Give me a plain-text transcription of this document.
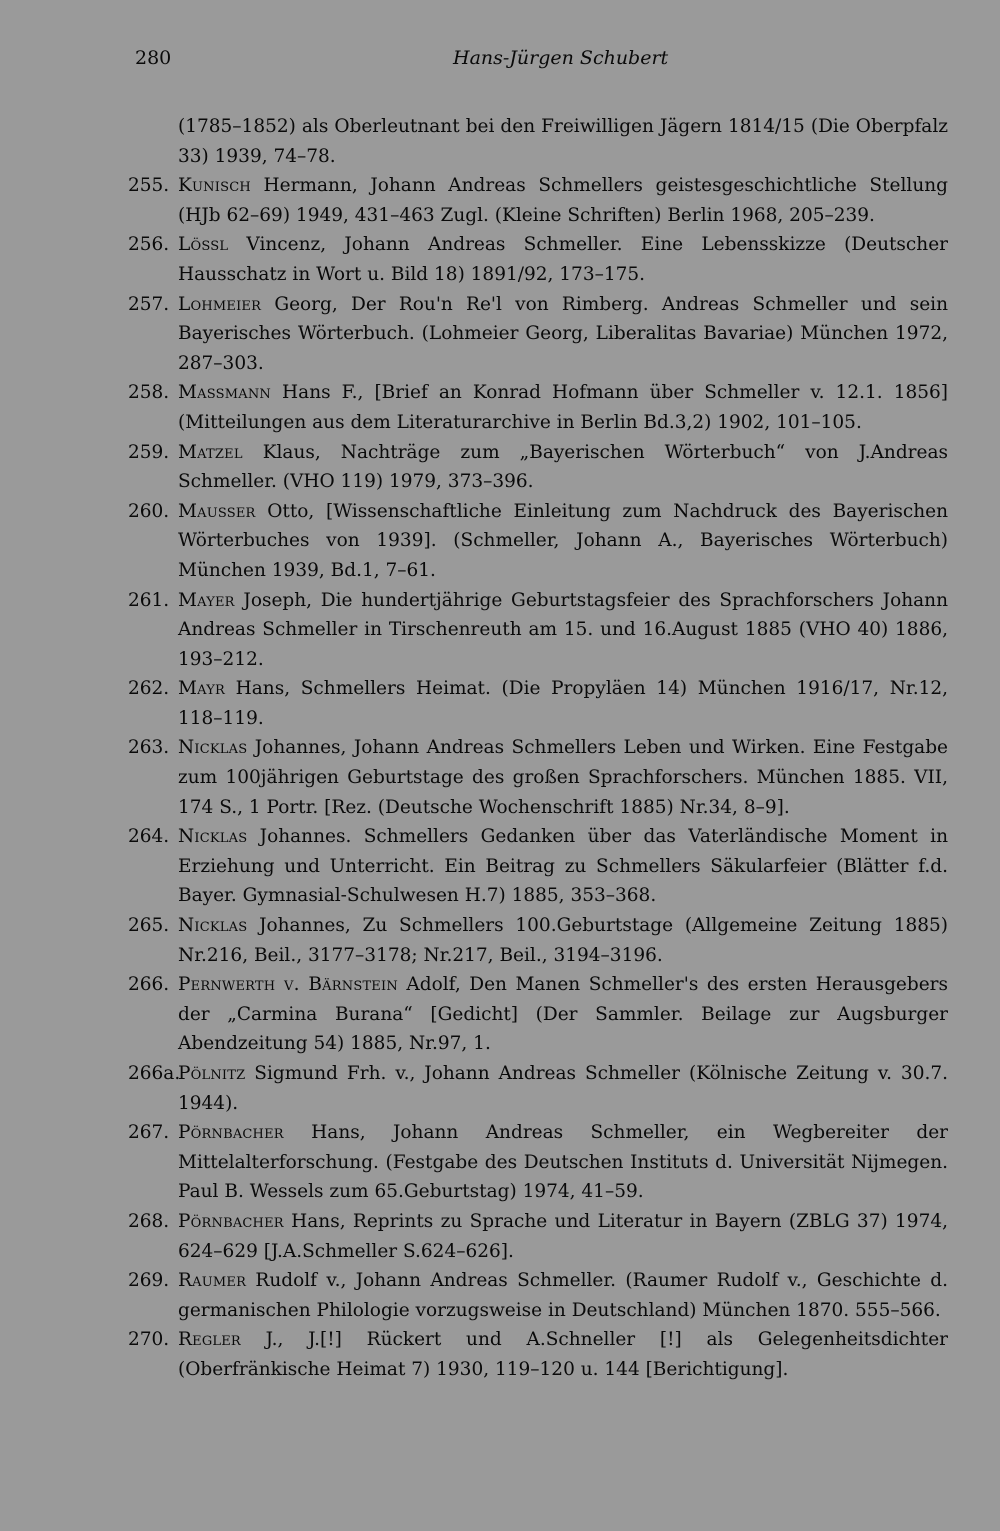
280	Hans-Jürgen Schubert
(1785–1852) als Oberleutnant bei den Freiwilligen Jägern 1814/15 (Die Oberpfalz 33) 1939, 74–78.
255. Kunisch Hermann, Johann Andreas Schmellers geistesgeschichtliche Stellung (HJb 62–69) 1949, 431–463 Zugl. (Kleine Schriften) Berlin 1968, 205–239.
256. Lössl Vincenz, Johann Andreas Schmeller. Eine Lebensskizze (Deutscher Hausschatz in Wort u. Bild 18) 1891/92, 173–175.
257. Lohmeier Georg, Der Rou'n Re'l von Rimberg. Andreas Schmeller und sein Bayerisches Wörterbuch. (Lohmeier Georg, Liberalitas Bavariae) München 1972, 287–303.
258. Massmann Hans F., [Brief an Konrad Hofmann über Schmeller v. 12.1. 1856] (Mitteilungen aus dem Literaturarchive in Berlin Bd.3,2) 1902, 101–105.
259. Matzel Klaus, Nachträge zum „Bayerischen Wörterbuch“ von J.Andreas Schmeller. (VHO 119) 1979, 373–396.
260. Mausser Otto, [Wissenschaftliche Einleitung zum Nachdruck des Bayerischen Wörterbuches von 1939]. (Schmeller, Johann A., Bayerisches Wörterbuch) München 1939, Bd.1, 7–61.
261. Mayer Joseph, Die hundertjährige Geburtstagsfeier des Sprachforschers Johann Andreas Schmeller in Tirschenreuth am 15. und 16.August 1885 (VHO 40) 1886, 193–212.
262. Mayr Hans, Schmellers Heimat. (Die Propyläen 14) München 1916/17, Nr.12, 118–119.
263. Nicklas Johannes, Johann Andreas Schmellers Leben und Wirken. Eine Festgabe zum 100jährigen Geburtstage des großen Sprachforschers. München 1885. VII, 174 S., 1 Portr. [Rez. (Deutsche Wochenschrift 1885) Nr.34, 8–9].
264. Nicklas Johannes. Schmellers Gedanken über das Vaterländische Moment in Erziehung und Unterricht. Ein Beitrag zu Schmellers Säkularfeier (Blätter f.d. Bayer. Gymnasial-Schulwesen H.7) 1885, 353–368.
265. Nicklas Johannes, Zu Schmellers 100.Geburtstage (Allgemeine Zeitung 1885) Nr.216, Beil., 3177–3178; Nr.217, Beil., 3194–3196.
266. Pernwerth v. Bärnstein Adolf, Den Manen Schmeller's des ersten Herausgebers der „Carmina Burana“ [Gedicht] (Der Sammler. Beilage zur Augsburger Abendzeitung 54) 1885, Nr.97, 1.
266a.
Pölnitz Sigmund Frh. v., Johann Andreas Schmeller (Kölnische Zeitung v. 30.7. 1944).
267. Pörnbacher Hans, Johann Andreas Schmeller, ein Wegbereiter der Mittelalterforschung. (Festgabe des Deutschen Instituts d. Universität Nijmegen. Paul B. Wessels zum 65.Geburtstag) 1974, 41–59.
268. Pörnbacher Hans, Reprints zu Sprache und Literatur in Bayern (ZBLG 37) 1974, 624–629 [J.A.Schmeller S.624–626].
269. Raumer Rudolf v., Johann Andreas Schmeller. (Raumer Rudolf v., Geschichte d. germanischen Philologie vorzugsweise in Deutschland) München 1870. 555–566.
270. Regler J., J.[!] Rückert und A.Schneller [!] als Gelegenheitsdichter (Oberfränkische Heimat 7) 1930, 119–120 u. 144 [Berichtigung].
